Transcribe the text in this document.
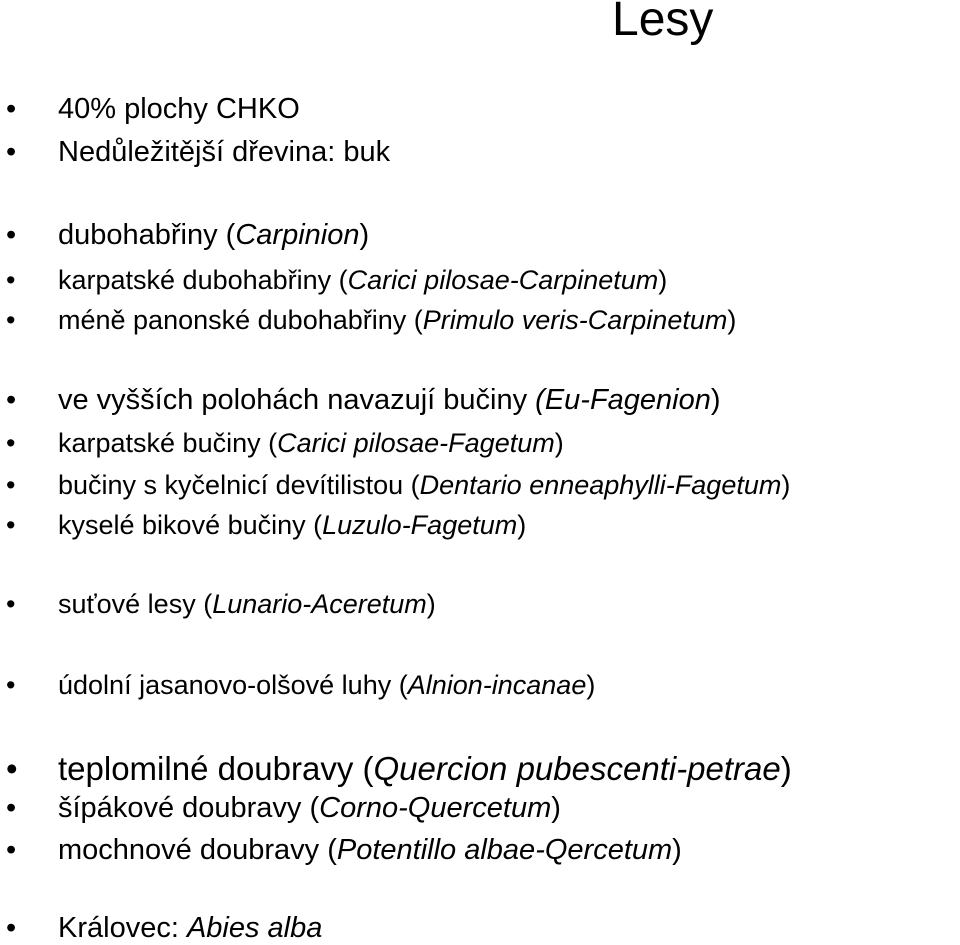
Lesy
• 40% plochy CHKO
• Nedůležitější dřevina: buk
• dubohabřiny (Carpinion)
• karpatské dubohabřiny (Carici pilosae-Carpinetum)
• méně panonské dubohabřiny (Primulo veris-Carpinetum)
• ve vyšších polohách navazují bučiny (Eu-Fagenion)
• karpatské bučiny (Carici pilosae-Fagetum)
• bučiny s kyčelnicí devítilistou (Dentario enneaphylli-Fagetum)
• kyselé bikové bučiny (Luzulo-Fagetum)
• suťové lesy (Lunario-Aceretum)
• údolní jasanovo-olšové luhy (Alnion-incanae)
• teplomilné doubravy (Quercion pubescenti-petrae)
• šípákové doubravy (Corno-Quercetum)
• mochnové doubravy (Potentillo albae-Qercetum)
• Královec: Abies alba
